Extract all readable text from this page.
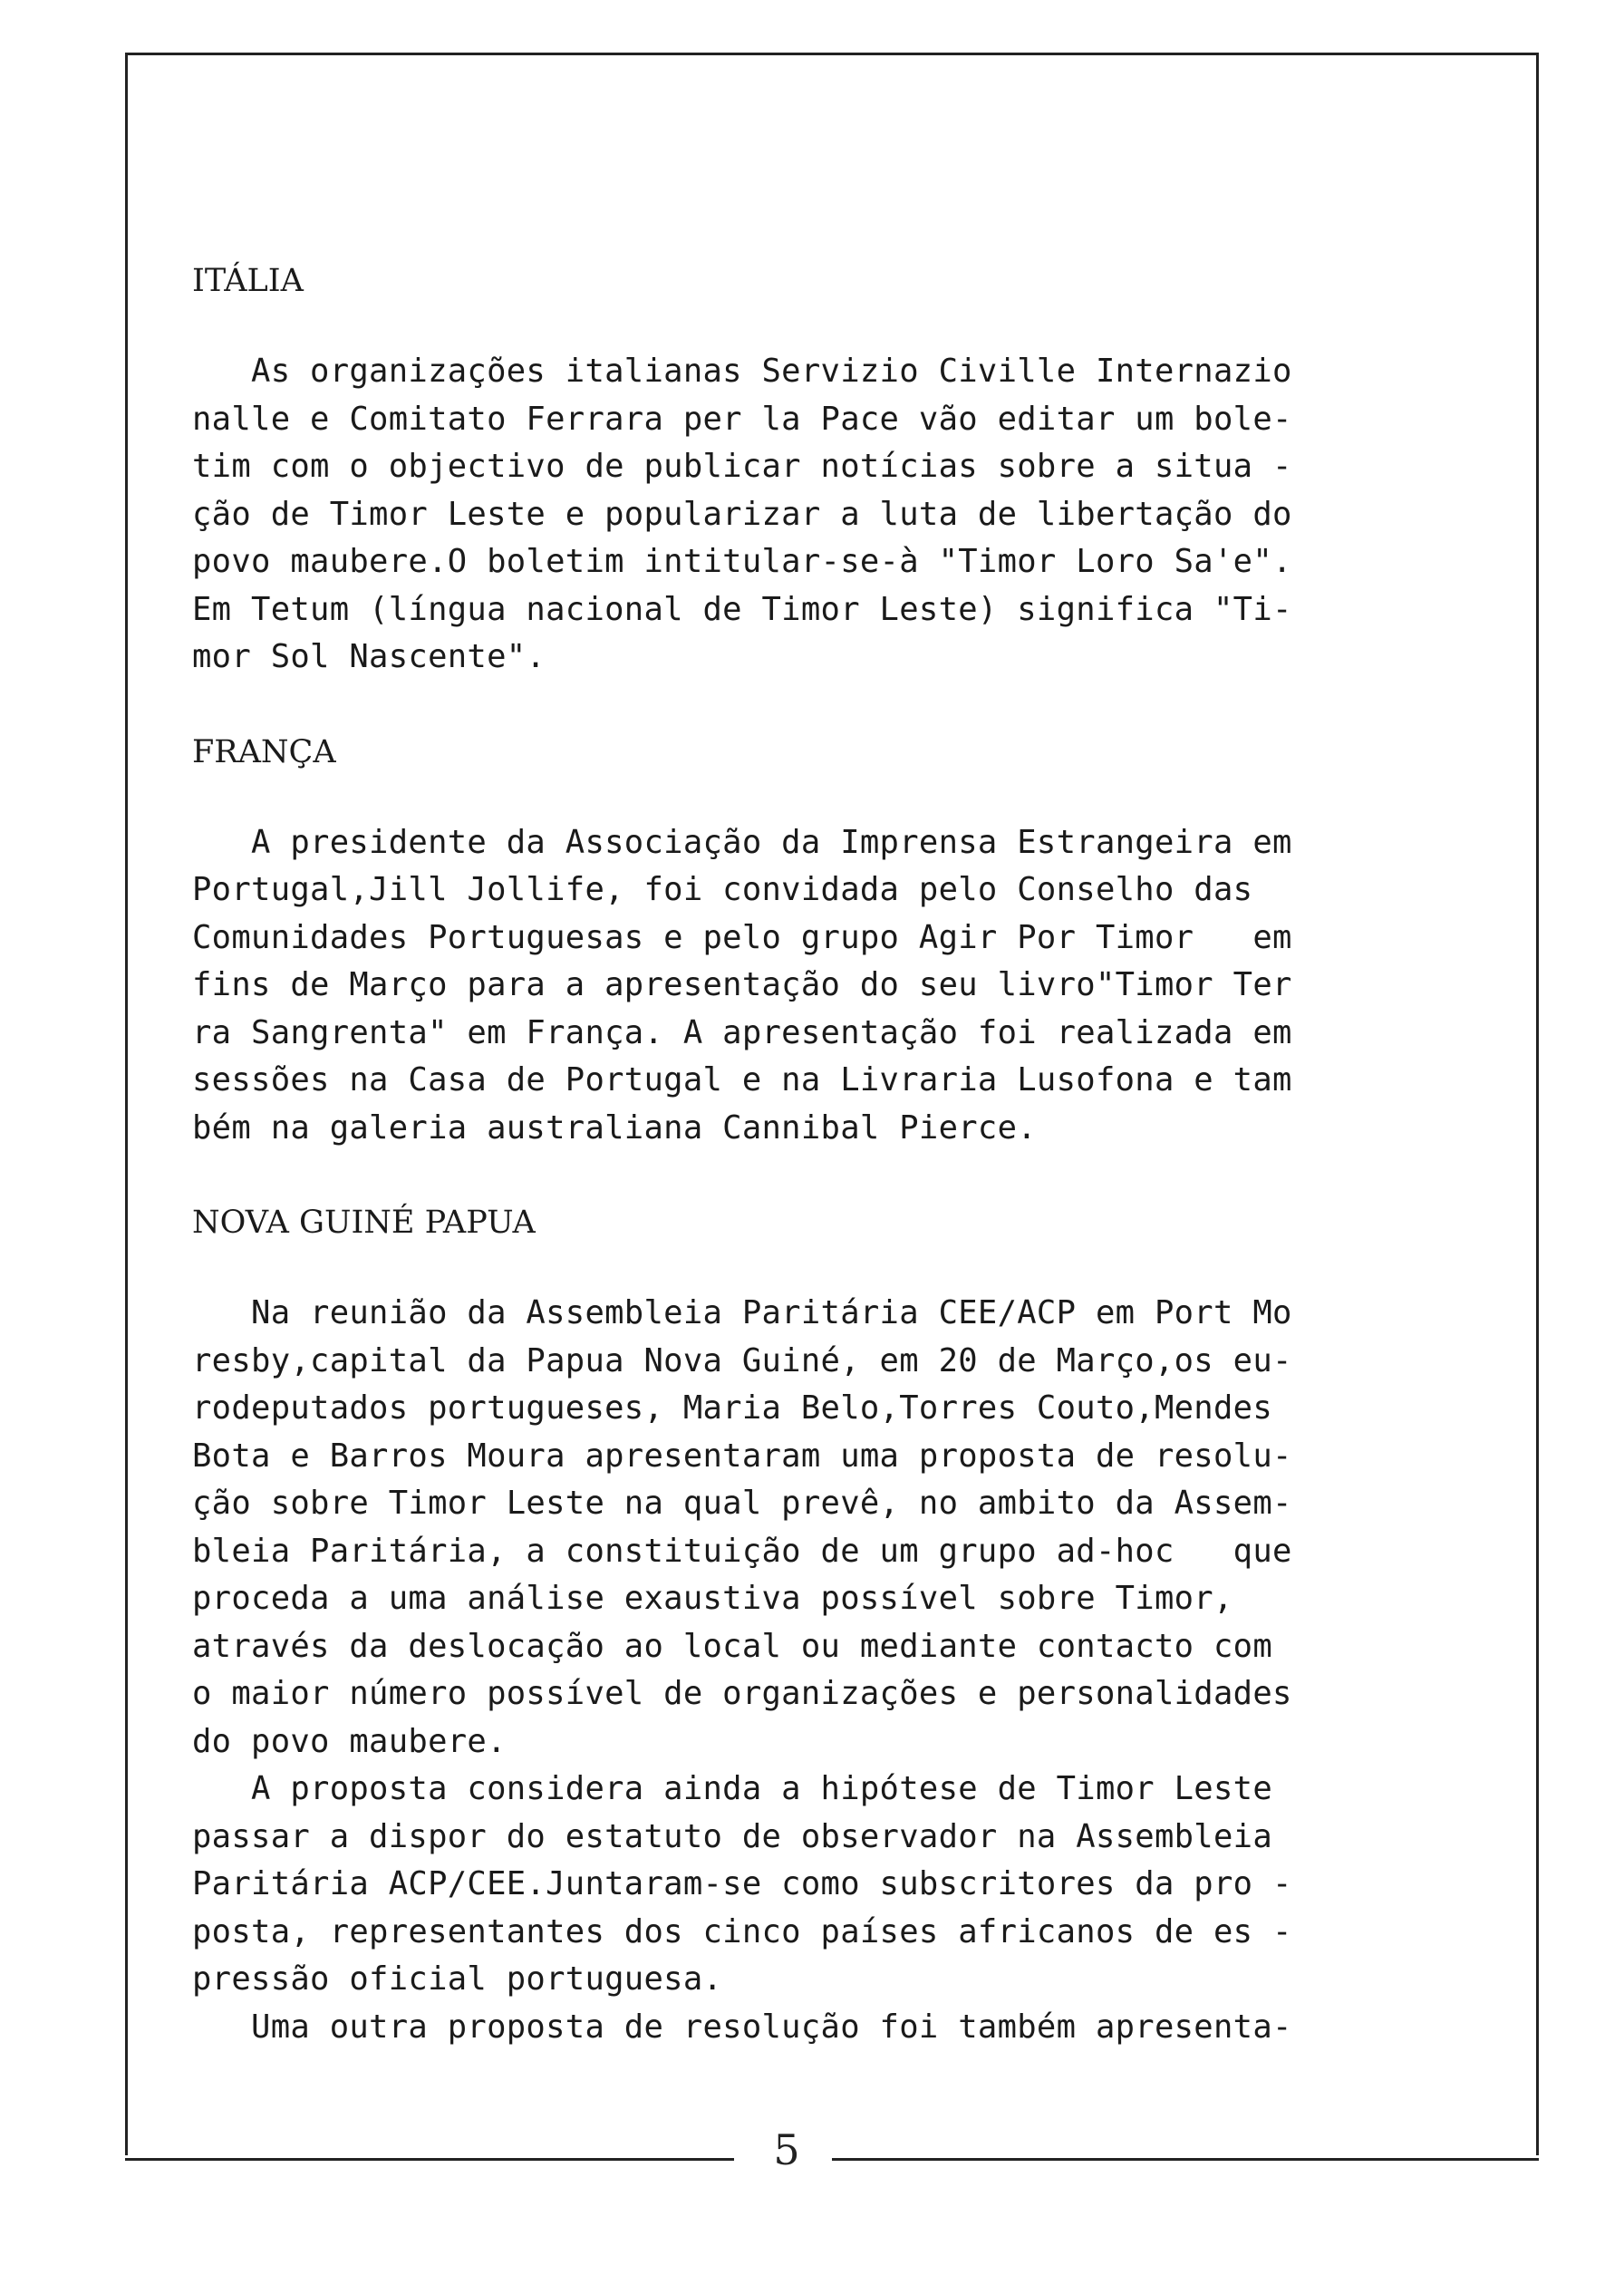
5
ITÁLIA

As organizações italianas Servizio Civille Internazio
nalle e Comitato Ferrara per la Pace vão editar um bole-
tim com o objectivo de publicar notícias sobre a situa -
ção de Timor Leste e popularizar a luta de libertação do
povo maubere.O boletim intitular-se-à "Timor Loro Sa'e".
Em Tetum (língua nacional de Timor Leste) significa "Ti-
mor Sol Nascente".

FRANÇA

A presidente da Associação da Imprensa Estrangeira em
Portugal,Jill Jollife, foi convidada pelo Conselho das
Comunidades Portuguesas e pelo grupo Agir Por Timor   em
fins de Março para a apresentação do seu livro"Timor Ter
ra Sangrenta" em França. A apresentação foi realizada em
sessões na Casa de Portugal e na Livraria Lusofona e tam
bém na galeria australiana Cannibal Pierce.

NOVA GUINÉ PAPUA

Na reunião da Assembleia Paritária CEE/ACP em Port Mo
resby,capital da Papua Nova Guiné, em 20 de Março,os eu-
rodeputados portugueses, Maria Belo,Torres Couto,Mendes
Bota e Barros Moura apresentaram uma proposta de resolu-
ção sobre Timor Leste na qual prevê, no ambito da Assem-
bleia Paritária, a constituição de um grupo ad-hoc   que
proceda a uma análise exaustiva possível sobre Timor,
através da deslocação ao local ou mediante contacto com
o maior número possível de organizações e personalidades
do povo maubere.

A proposta considera ainda a hipótese de Timor Leste
passar a dispor do estatuto de observador na Assembleia
Paritária ACP/CEE.Juntaram-se como subscritores da pro -
posta, representantes dos cinco países africanos de es -
pressão oficial portuguesa.

Uma outra proposta de resolução foi também apresenta-
